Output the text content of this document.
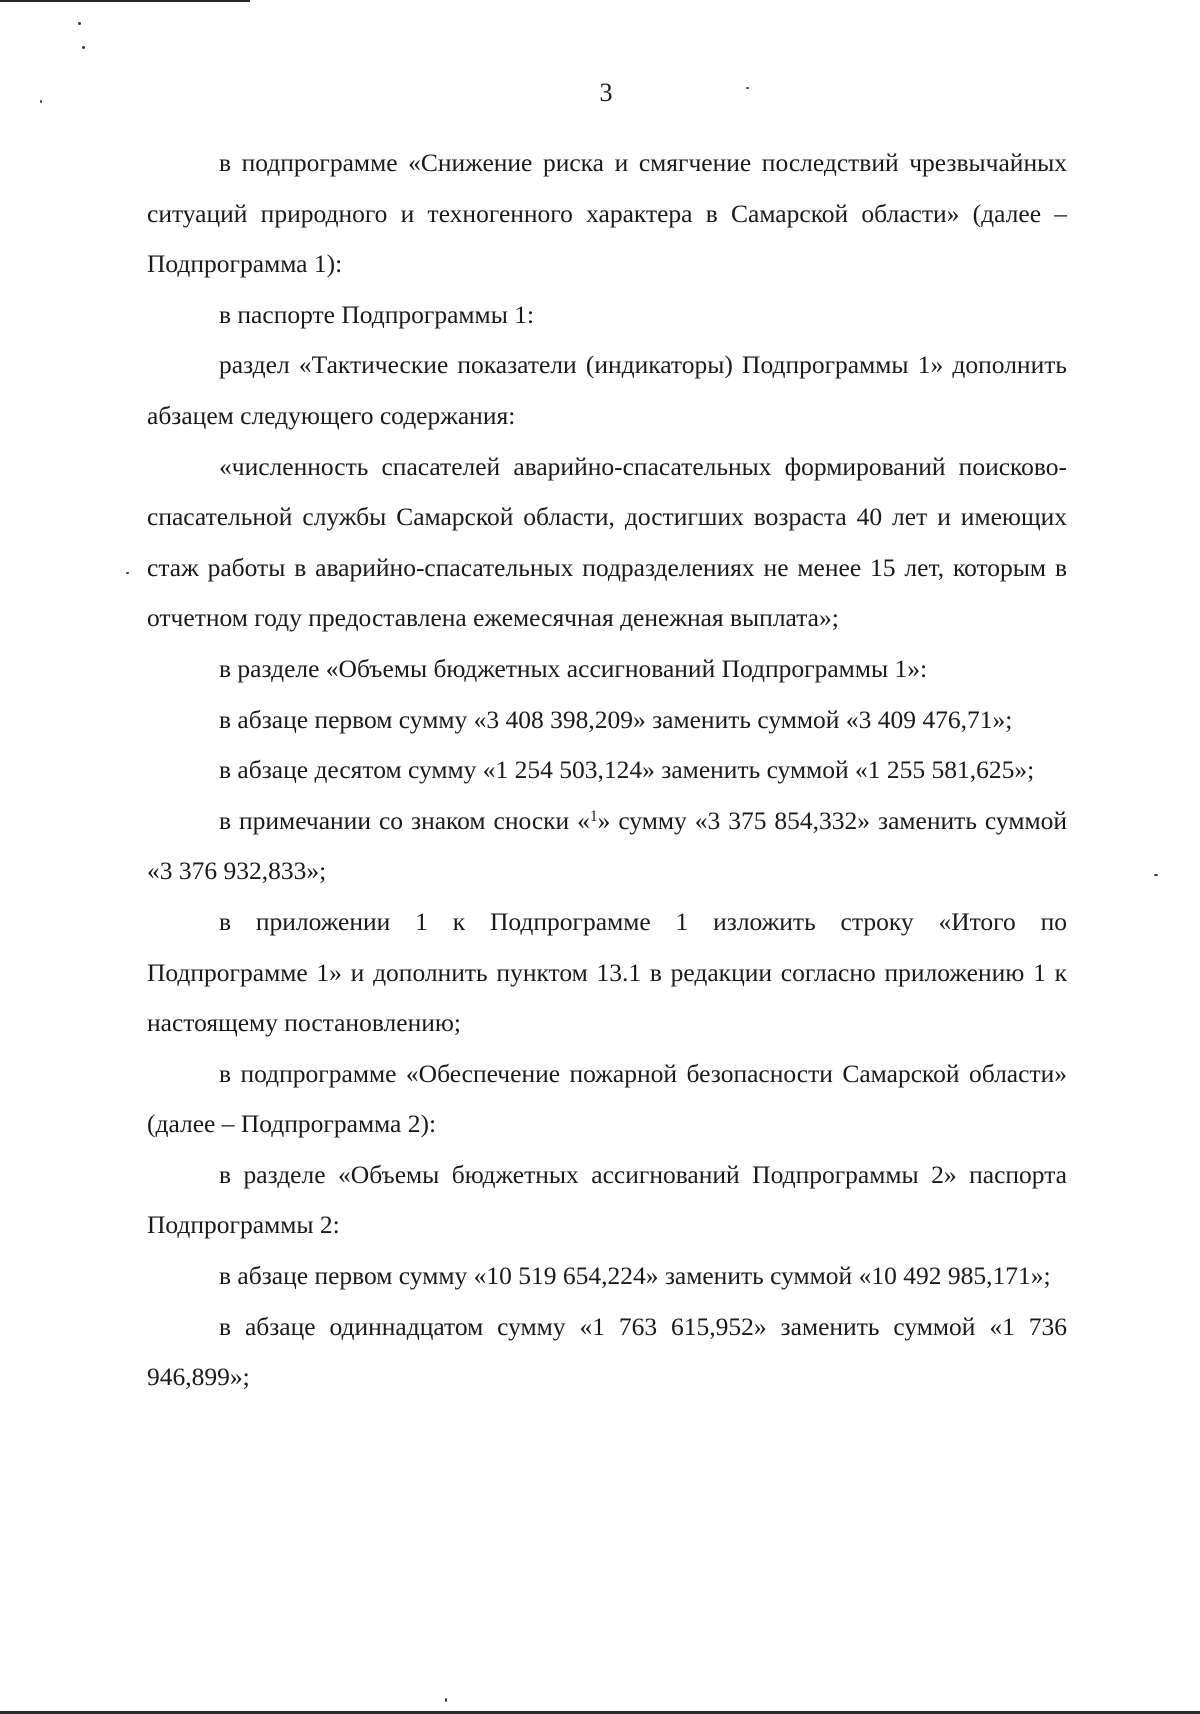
3

в подпрограмме «Снижение риска и смягчение последствий чрезвычайных ситуаций природного и техногенного характера в Самарской области» (далее – Подпрограмма 1):

в паспорте Подпрограммы 1:

раздел «Тактические показатели (индикаторы) Подпрограммы 1» дополнить абзацем следующего содержания:

«численность спасателей аварийно-спасательных формирований поисково-спасательной службы Самарской области, достигших возраста 40 лет и имеющих стаж работы в аварийно-спасательных подразделениях не менее 15 лет, которым в отчетном году предоставлена ежемесячная денежная выплата»;

в разделе «Объемы бюджетных ассигнований Подпрограммы 1»:

в абзаце первом сумму «3 408 398,209» заменить суммой «3 409 476,71»;

в абзаце десятом сумму «1 254 503,124» заменить суммой «1 255 581,625»;

в примечании со знаком сноски «$^1$» сумму «3 375 854,332» заменить суммой «3 376 932,833»;

в приложении 1 к Подпрограмме 1 изложить строку «Итого по Подпрограмме 1» и дополнить пунктом 13.1 в редакции согласно приложению 1 к настоящему постановлению;

в подпрограмме «Обеспечение пожарной безопасности Самарской области» (далее – Подпрограмма 2):

в разделе «Объемы бюджетных ассигнований Подпрограммы 2» паспорта Подпрограммы 2:

в абзаце первом сумму «10 519 654,224» заменить суммой «10 492 985,171»;

в абзаце одиннадцатом сумму «1 763 615,952» заменить суммой «1 736 946,899»;
